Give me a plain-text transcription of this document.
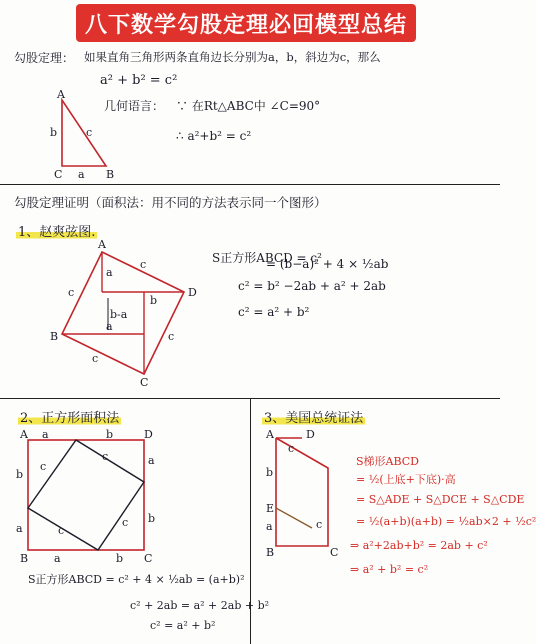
八下数学勾股定理必回模型总结
勾股定理： 如果直角三角形两条直角边长分别为a，b，斜边为c，那么
a² + b² = c²
几何语言： ∵ 在Rt△ABC中 ∠C=90°
∴ a²+b² = c²
A
C	B
b
a
c
勾股定理证明（面积法：用不同的方法表示同一个图形）
1、赵爽弦图.
A
D
C
B
c
c
c
c
a
a
b
b-a
S正方形ABCD = c²
= (b−a)² + 4 × ½ab
c² = b² −2ab + a² + 2ab
c² = a² + b²
2、正方形面积法
A	D
B	C
a	b
b
a
a
b
a	b
c
c
c
c
S正方形ABCD = c² + 4 × ½ab = (a+b)²
c² + 2ab = a² + 2ab + b²
c² = a² + b²
3、美国总统证法
A	D
E
B	C
c
c
b
a
S梯形ABCD
= ½(上底+下底)·高
= S△ADE + S△DCE + S△CDE
= ½(a+b)(a+b) = ½ab×2 + ½c²
⇒ a²+2ab+b² = 2ab + c²
⇒ a² + b² = c²
